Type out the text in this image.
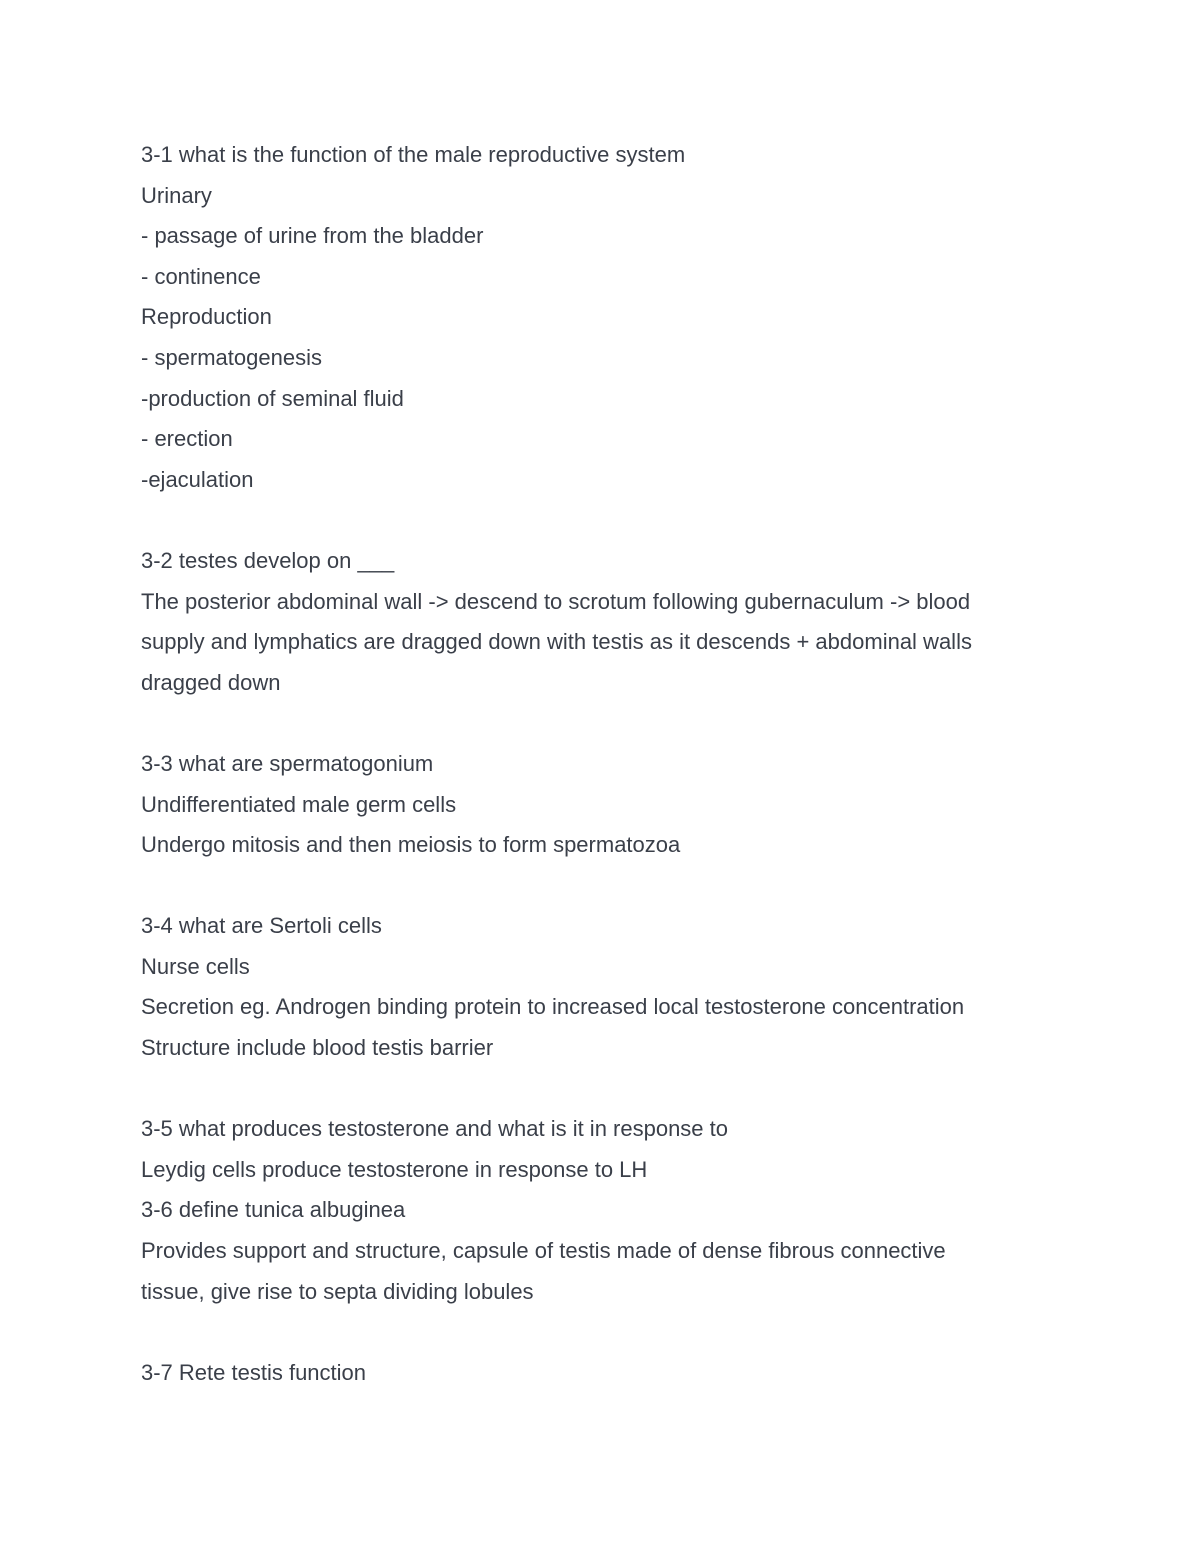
3-1 what is the function of the male reproductive system

Urinary

- passage of urine from the bladder

- continence

Reproduction

- spermatogenesis

-production of seminal fluid

- erection

-ejaculation

3-2 testes develop on ___

The posterior abdominal wall -> descend to scrotum following gubernaculum -> blood

supply and lymphatics are dragged down with testis as it descends + abdominal walls

dragged down

3-3 what are spermatogonium

Undifferentiated male germ cells

Undergo mitosis and then meiosis to form spermatozoa

3-4 what are Sertoli cells

Nurse cells

Secretion eg. Androgen binding protein to increased local testosterone concentration

Structure include blood testis barrier

3-5 what produces testosterone and what is it in response to

Leydig cells produce testosterone in response to LH

3-6 define tunica albuginea

Provides support and structure, capsule of testis made of dense fibrous connective

tissue, give rise to septa dividing lobules

3-7 Rete testis function
